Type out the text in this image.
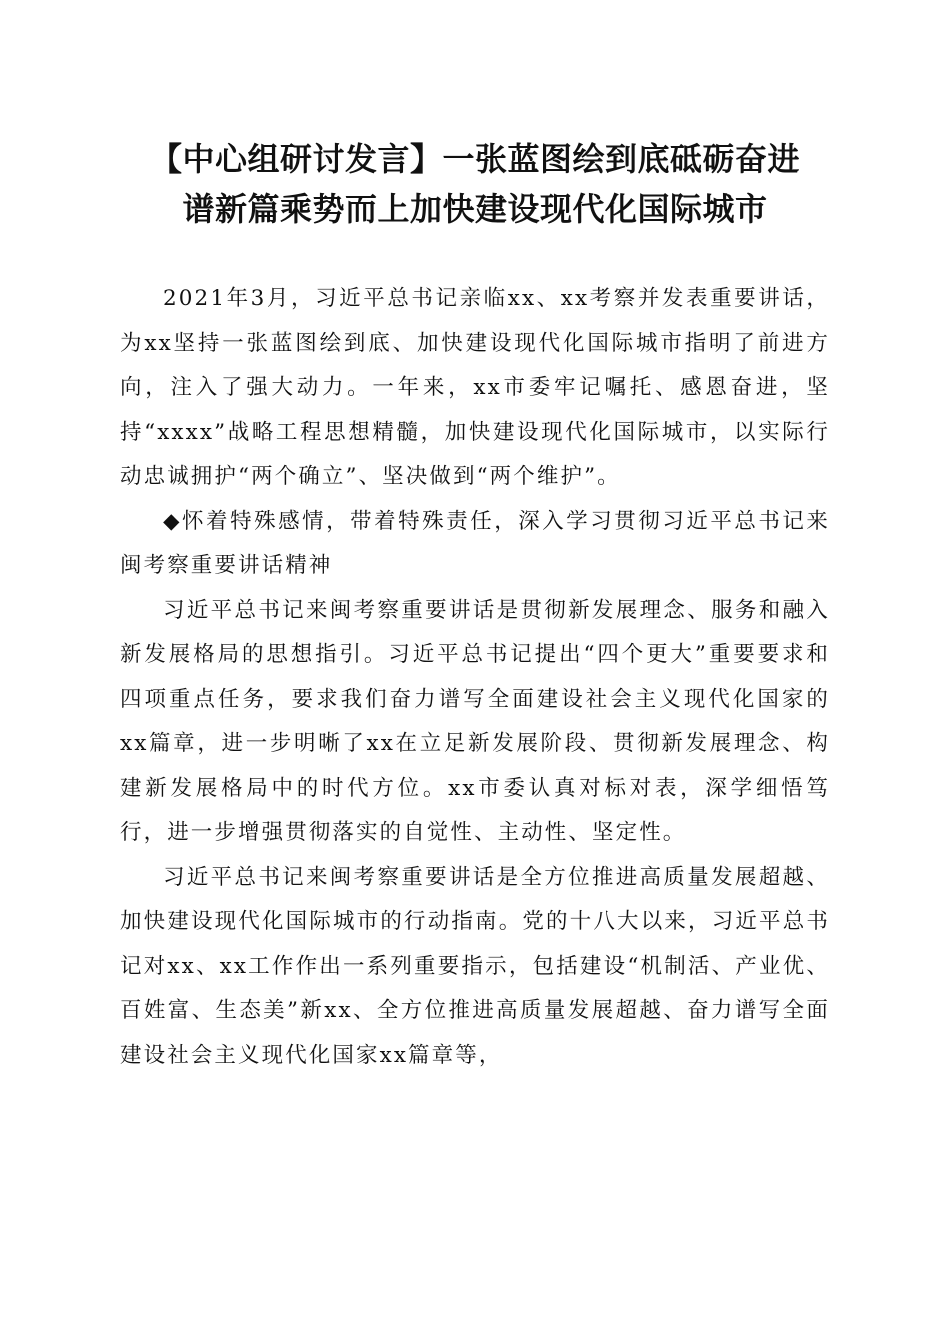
【中心组研讨发言】一张蓝图绘到底砥砺奋进
谱新篇乘势而上加快建设现代化国际城市

2021年3月，习近平总书记亲临xx、xx考察并发表重要讲话，为xx坚持一张蓝图绘到底、加快建设现代化国际城市指明了前进方向，注入了强大动力。一年来，xx市委牢记嘱托、感恩奋进，坚持“xxxx”战略工程思想精髓，加快建设现代化国际城市，以实际行动忠诚拥护“两个确立”、坚决做到“两个维护”。

◆怀着特殊感情，带着特殊责任，深入学习贯彻习近平总书记来闽考察重要讲话精神

习近平总书记来闽考察重要讲话是贯彻新发展理念、服务和融入新发展格局的思想指引。习近平总书记提出“四个更大”重要要求和四项重点任务，要求我们奋力谱写全面建设社会主义现代化国家的xx篇章，进一步明晰了xx在立足新发展阶段、贯彻新发展理念、构建新发展格局中的时代方位。xx市委认真对标对表，深学细悟笃行，进一步增强贯彻落实的自觉性、主动性、坚定性。

习近平总书记来闽考察重要讲话是全方位推进高质量发展超越、加快建设现代化国际城市的行动指南。党的十八大以来，习近平总书记对xx、xx工作作出一系列重要指示，包括建设“机制活、产业优、百姓富、生态美”新xx、全方位推进高质量发展超越、奋力谱写全面建设社会主义现代化国家xx篇章等，
